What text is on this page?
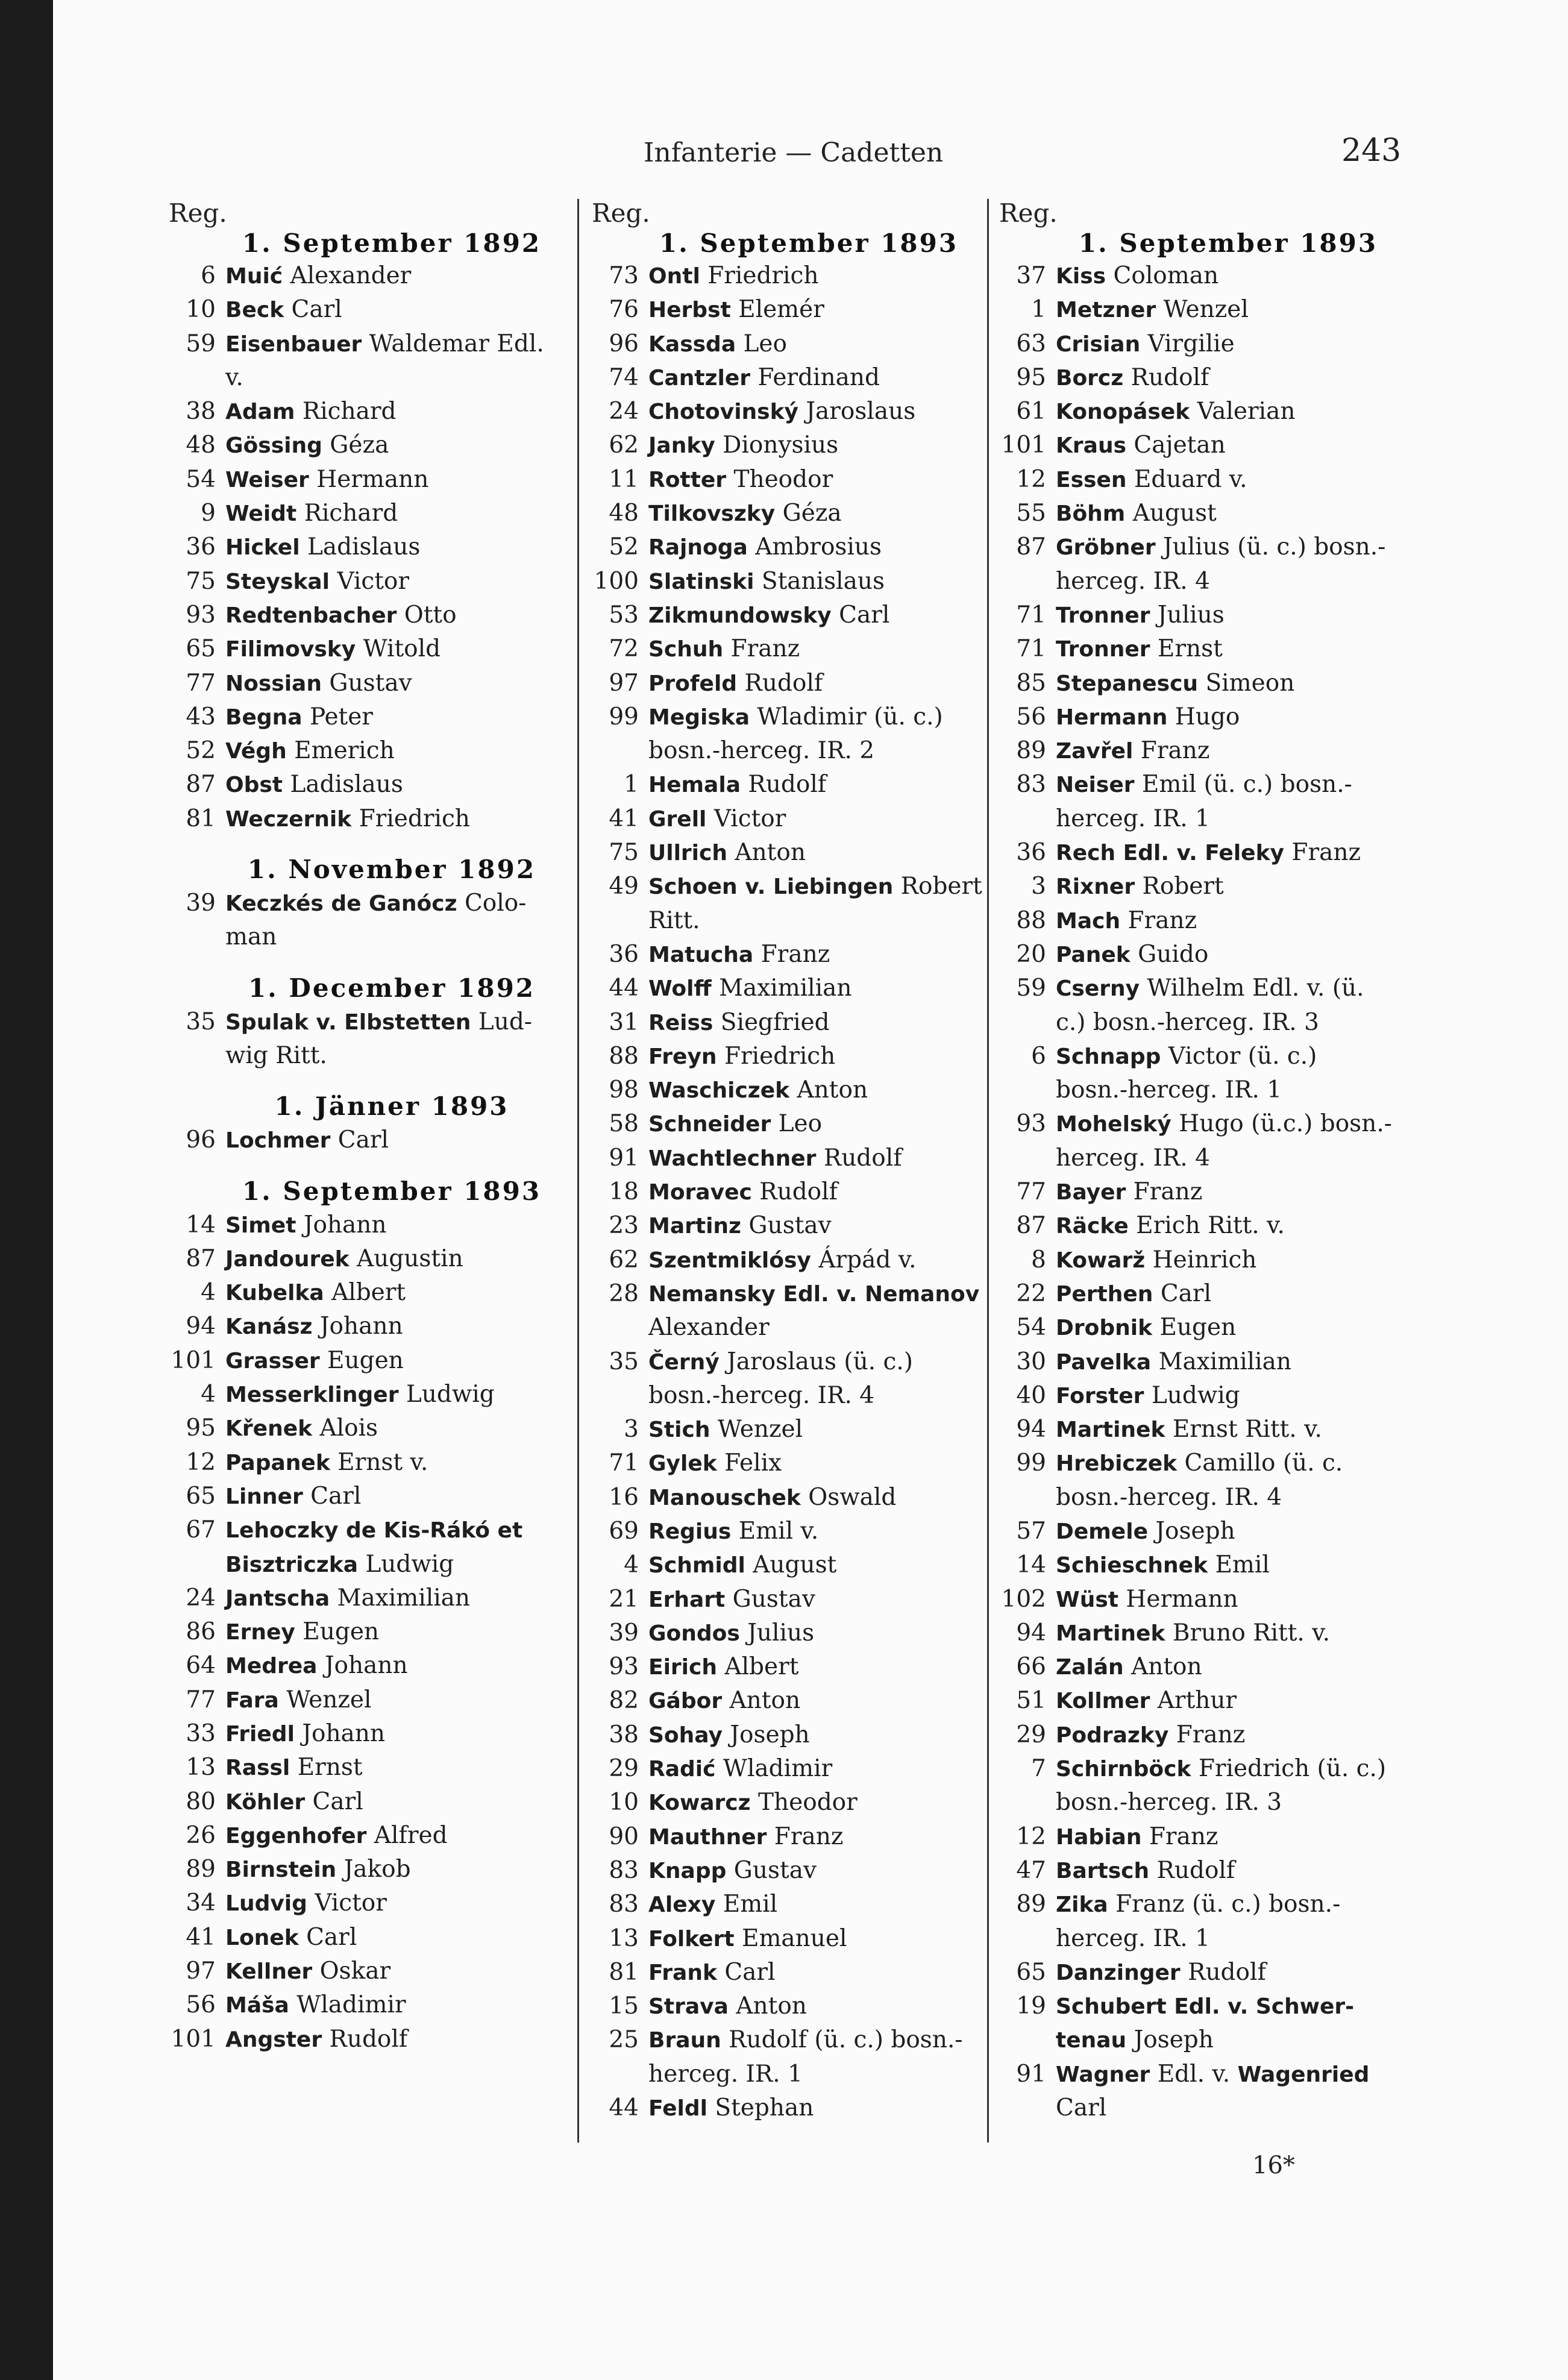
Infanterie — Cadetten	243
Reg.
1. September 1892
6 Muić Alexander
10 Beck Carl
59 Eisenbauer Waldemar Edl.
v.
38 Adam Richard
48 Gössing Géza
54 Weiser Hermann
9 Weidt Richard
36 Hickel Ladislaus
75 Steyskal Victor
93 Redtenbacher Otto
65 Filimovsky Witold
77 Nossian Gustav
43 Begna Peter
52 Végh Emerich
87 Obst Ladislaus
81 Weczernik Friedrich
1. November 1892
39 Keczkés de Ganócz Colo-
man
1. December 1892
35 Spulak v. Elbstetten Lud-
wig Ritt.
1. Jänner 1893
96 Lochmer Carl
1. September 1893
14 Simet Johann
87 Jandourek Augustin
4 Kubelka Albert
94 Kanász Johann
101 Grasser Eugen
4 Messerklinger Ludwig
95 Křenek Alois
12 Papanek Ernst v.
65 Linner Carl
67 Lehoczky de Kis-Rákó et
Bisztriczka Ludwig
24 Jantscha Maximilian
86 Erney Eugen
64 Medrea Johann
77 Fara Wenzel
33 Friedl Johann
13 Rassl Ernst
80 Köhler Carl
26 Eggenhofer Alfred
89 Birnstein Jakob
34 Ludvig Victor
41 Lonek Carl
97 Kellner Oskar
56 Máša Wladimir
101 Angster Rudolf
Reg.
1. September 1893
73 Ontl Friedrich
76 Herbst Elemér
96 Kassda Leo
74 Cantzler Ferdinand
24 Chotovinský Jaroslaus
62 Janky Dionysius
11 Rotter Theodor
48 Tilkovszky Géza
52 Rajnoga Ambrosius
100 Slatinski Stanislaus
53 Zikmundowsky Carl
72 Schuh Franz
97 Profeld Rudolf
99 Megiska Wladimir (ü. c.)
bosn.-herceg. IR. 2
1 Hemala Rudolf
41 Grell Victor
75 Ullrich Anton
49 Schoen v. Liebingen Robert
Ritt.
36 Matucha Franz
44 Wolff Maximilian
31 Reiss Siegfried
88 Freyn Friedrich
98 Waschiczek Anton
58 Schneider Leo
91 Wachtlechner Rudolf
18 Moravec Rudolf
23 Martinz Gustav
62 Szentmiklósy Árpád v.
28 Nemansky Edl. v. Nemanov
Alexander
35 Černý Jaroslaus (ü. c.)
bosn.-herceg. IR. 4
3 Stich Wenzel
71 Gylek Felix
16 Manouschek Oswald
69 Regius Emil v.
4 Schmidl August
21 Erhart Gustav
39 Gondos Julius
93 Eirich Albert
82 Gábor Anton
38 Sohay Joseph
29 Radić Wladimir
10 Kowarcz Theodor
90 Mauthner Franz
83 Knapp Gustav
83 Alexy Emil
13 Folkert Emanuel
81 Frank Carl
15 Strava Anton
25 Braun Rudolf (ü. c.) bosn.-
herceg. IR. 1
44 Feldl Stephan
Reg.
1. September 1893
37 Kiss Coloman
1 Metzner Wenzel
63 Crisian Virgilie
95 Borcz Rudolf
61 Konopásek Valerian
101 Kraus Cajetan
12 Essen Eduard v.
55 Böhm August
87 Gröbner Julius (ü. c.) bosn.-
herceg. IR. 4
71 Tronner Julius
71 Tronner Ernst
85 Stepanescu Simeon
56 Hermann Hugo
89 Zavřel Franz
83 Neiser Emil (ü. c.) bosn.-
herceg. IR. 1
36 Rech Edl. v. Feleky Franz
3 Rixner Robert
88 Mach Franz
20 Panek Guido
59 Cserny Wilhelm Edl. v. (ü.
c.) bosn.-herceg. IR. 3
6 Schnapp Victor (ü. c.)
bosn.-herceg. IR. 1
93 Mohelský Hugo (ü.c.) bosn.-
herceg. IR. 4
77 Bayer Franz
87 Räcke Erich Ritt. v.
8 Kowarž Heinrich
22 Perthen Carl
54 Drobnik Eugen
30 Pavelka Maximilian
40 Forster Ludwig
94 Martinek Ernst Ritt. v.
99 Hrebiczek Camillo (ü. c.
bosn.-herceg. IR. 4
57 Demele Joseph
14 Schieschnek Emil
102 Wüst Hermann
94 Martinek Bruno Ritt. v.
66 Zalán Anton
51 Kollmer Arthur
29 Podrazky Franz
7 Schirnböck Friedrich (ü. c.)
bosn.-herceg. IR. 3
12 Habian Franz
47 Bartsch Rudolf
89 Zika Franz (ü. c.) bosn.-
herceg. IR. 1
65 Danzinger Rudolf
19 Schubert Edl. v. Schwer-
tenau Joseph
91 Wagner Edl. v. Wagenried
Carl
16*
